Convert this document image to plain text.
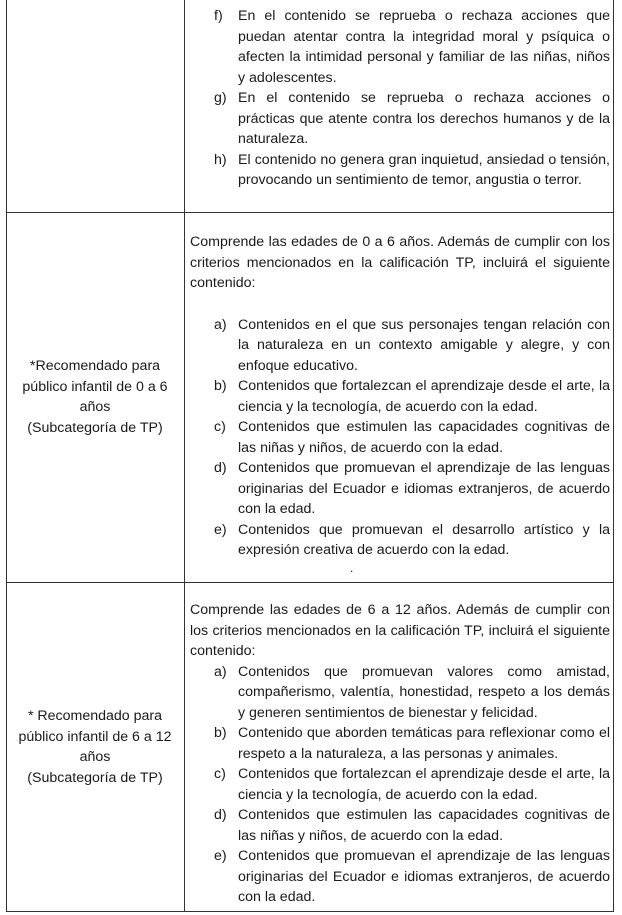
f) En el contenido se reprueba o rechaza acciones que puedan atentar contra la integridad moral y psíquica o afecten la intimidad personal y familiar de las niñas, niños y adolescentes.
g) En el contenido se reprueba o rechaza acciones o prácticas que atente contra los derechos humanos y de la naturaleza.
h) El contenido no genera gran inquietud, ansiedad o tensión, provocando un sentimiento de temor, angustia o terror.
*Recomendado para
público infantil de 0 a 6
años
(Subcategoría de TP)

Comprende las edades de 0 a 6 años. Además de cumplir con los criterios mencionados en la calificación TP, incluirá el siguiente contenido:

a) Contenidos en el que sus personajes tengan relación con la naturaleza en un contexto amigable y alegre, y con enfoque educativo.
b) Contenidos que fortalezcan el aprendizaje desde el arte, la ciencia y la tecnología, de acuerdo con la edad.
c) Contenidos que estimulen las capacidades cognitivas de las niñas y niños, de acuerdo con la edad.
d) Contenidos que promuevan el aprendizaje de las lenguas originarias del Ecuador e idiomas extranjeros, de acuerdo con la edad.
e) Contenidos que promuevan el desarrollo artístico y la expresión creativa de acuerdo con la edad.
.
* Recomendado para
público infantil de 6 a 12
años
(Subcategoría de TP)

Comprende las edades de 6 a 12 años. Además de cumplir con los criterios mencionados en la calificación TP, incluirá el siguiente contenido:

a) Contenidos que promuevan valores como amistad, compañerismo, valentía, honestidad, respeto a los demás y generen sentimientos de bienestar y felicidad.
b) Contenido que aborden temáticas para reflexionar como el respeto a la naturaleza, a las personas y animales.
c) Contenidos que fortalezcan el aprendizaje desde el arte, la ciencia y la tecnología, de acuerdo con la edad.
d) Contenidos que estimulen las capacidades cognitivas de las niñas y niños, de acuerdo con la edad.
e) Contenidos que promuevan el aprendizaje de las lenguas originarias del Ecuador e idiomas extranjeros, de acuerdo con la edad.
